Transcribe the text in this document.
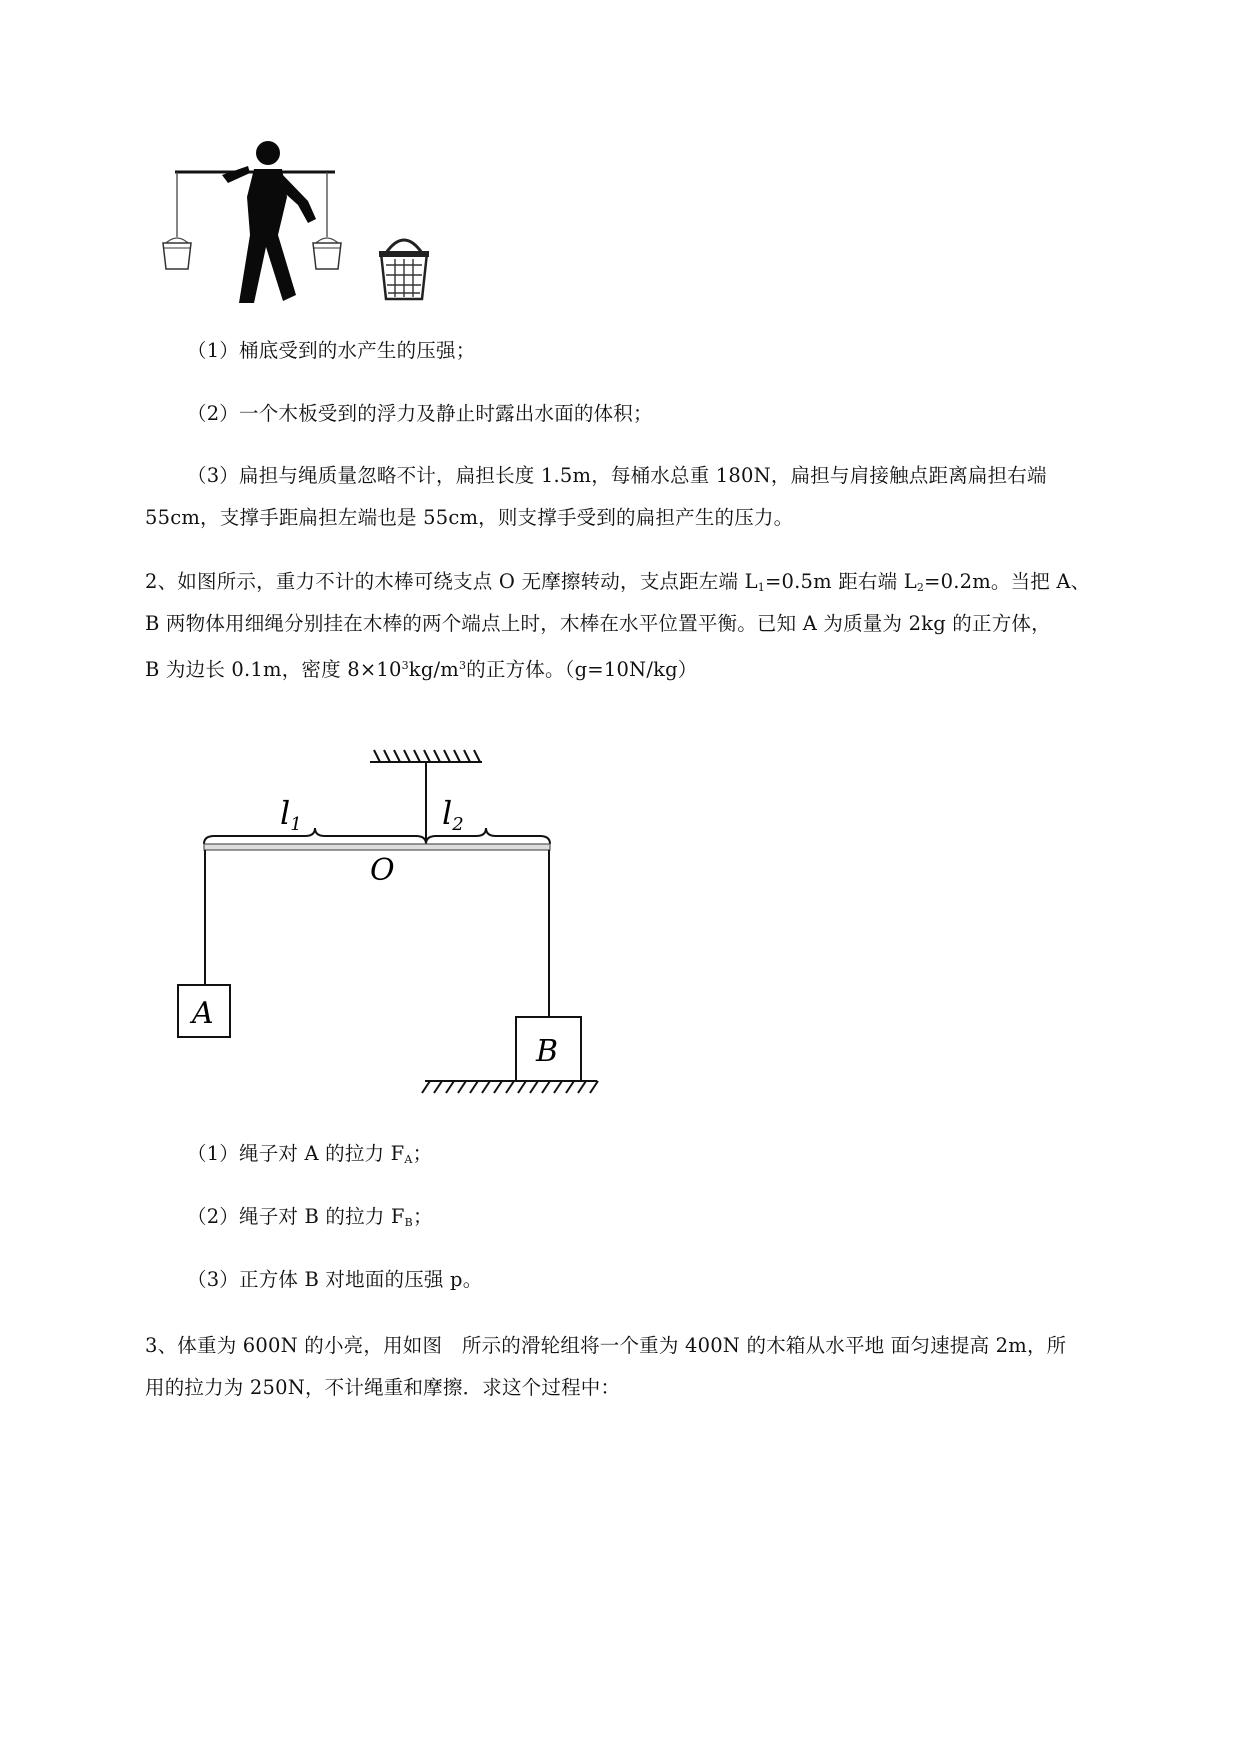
（1）桶底受到的水产生的压强；
（2）一个木板受到的浮力及静止时露出水面的体积；
（3）扁担与绳质量忽略不计，扁担长度 1.5m，每桶水总重 180N，扁担与肩接触点距离扁担右端
55cm，支撑手距扁担左端也是 55cm，则支撑手受到的扁担产生的压力。
2、如图所示，重力不计的木棒可绕支点 O 无摩擦转动，支点距左端 $L_1=0.5m$ 距右端 $L_2=0.2m$。当把 A、
B 两物体用细绳分别挂在木棒的两个端点上时，木棒在水平位置平衡。已知 A 为质量为 2kg 的正方体，
B 为边长 0.1m，密度 $8\times 10^3kg/m^3$的正方体。（g=10N/kg）
l1	l2
O
A
B
（1）绳子对 A 的拉力 $F_A$；
（2）绳子对 B 的拉力 $F_B$；
（3）正方体 B 对地面的压强 p。
3、体重为 600N 的小亮，用如图　所示的滑轮组将一个重为 400N 的木箱从水平地 面匀速提高 2m，所
用的拉力为 250N，不计绳重和摩擦．求这个过程中：
